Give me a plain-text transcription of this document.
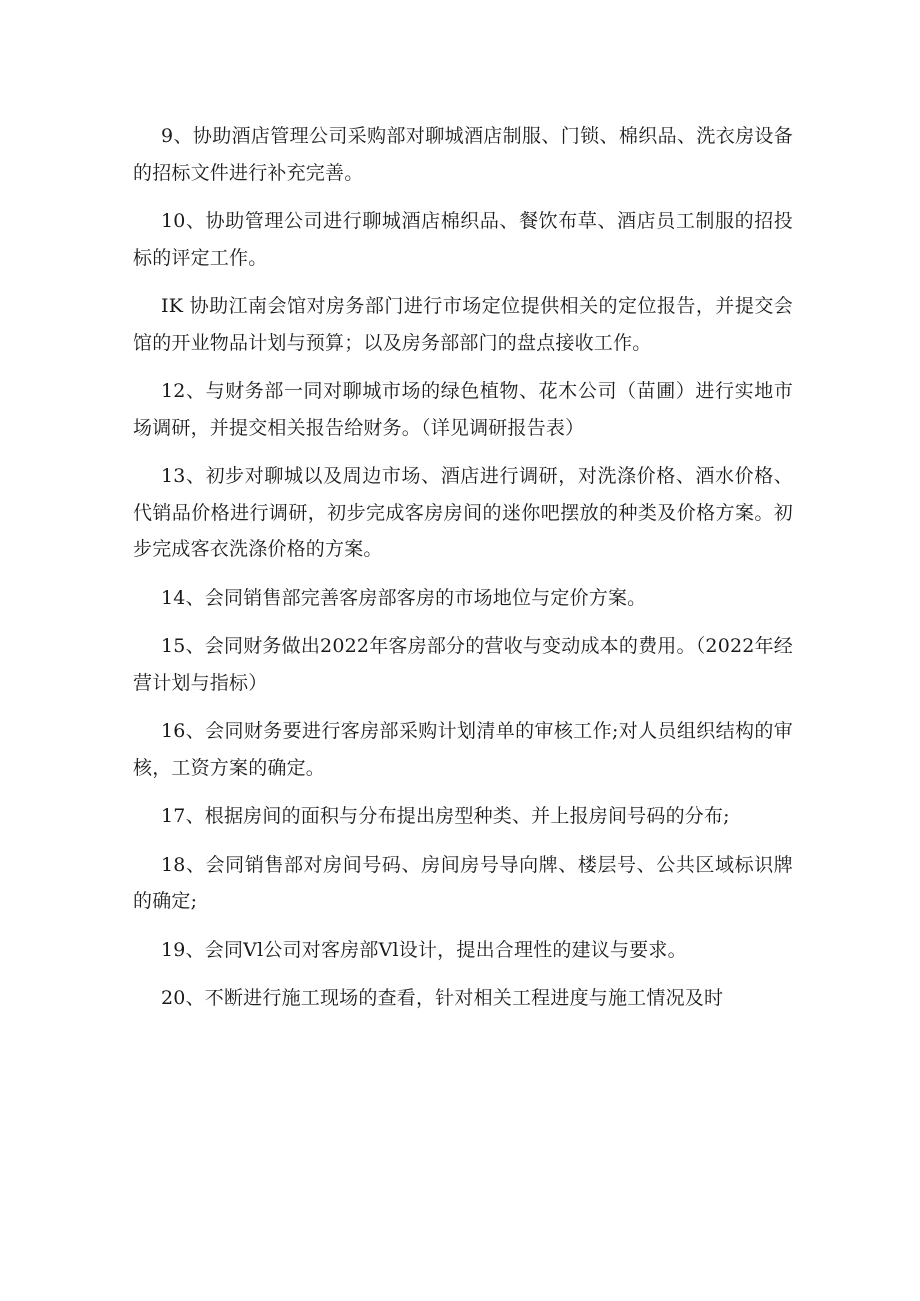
9、协助酒店管理公司采购部对聊城酒店制服、门锁、棉织品、洗衣房设备的招标文件进行补充完善。

10、协助管理公司进行聊城酒店棉织品、餐饮布草、酒店员工制服的招投标的评定工作。

IK 协助江南会馆对房务部门进行市场定位提供相关的定位报告，并提交会馆的开业物品计划与预算；以及房务部部门的盘点接收工作。

12、与财务部一同对聊城市场的绿色植物、花木公司（苗圃）进行实地市场调研，并提交相关报告给财务。（详见调研报告表）

13、初步对聊城以及周边市场、酒店进行调研，对洗涤价格、酒水价格、代销品价格进行调研，初步完成客房房间的迷你吧摆放的种类及价格方案。初步完成客衣洗涤价格的方案。

14、会同销售部完善客房部客房的市场地位与定价方案。

15、会同财务做出2022年客房部分的营收与变动成本的费用。（2022年经营计划与指标）

16、会同财务要进行客房部采购计划清单的审核工作;对人员组织结构的审核，工资方案的确定。

17、根据房间的面积与分布提出房型种类、并上报房间号码的分布;

18、会同销售部对房间号码、房间房号导向牌、楼层号、公共区域标识牌的确定;

19、会同Vl公司对客房部Vl设计，提出合理性的建议与要求。

20、不断进行施工现场的查看，针对相关工程进度与施工情况及时
